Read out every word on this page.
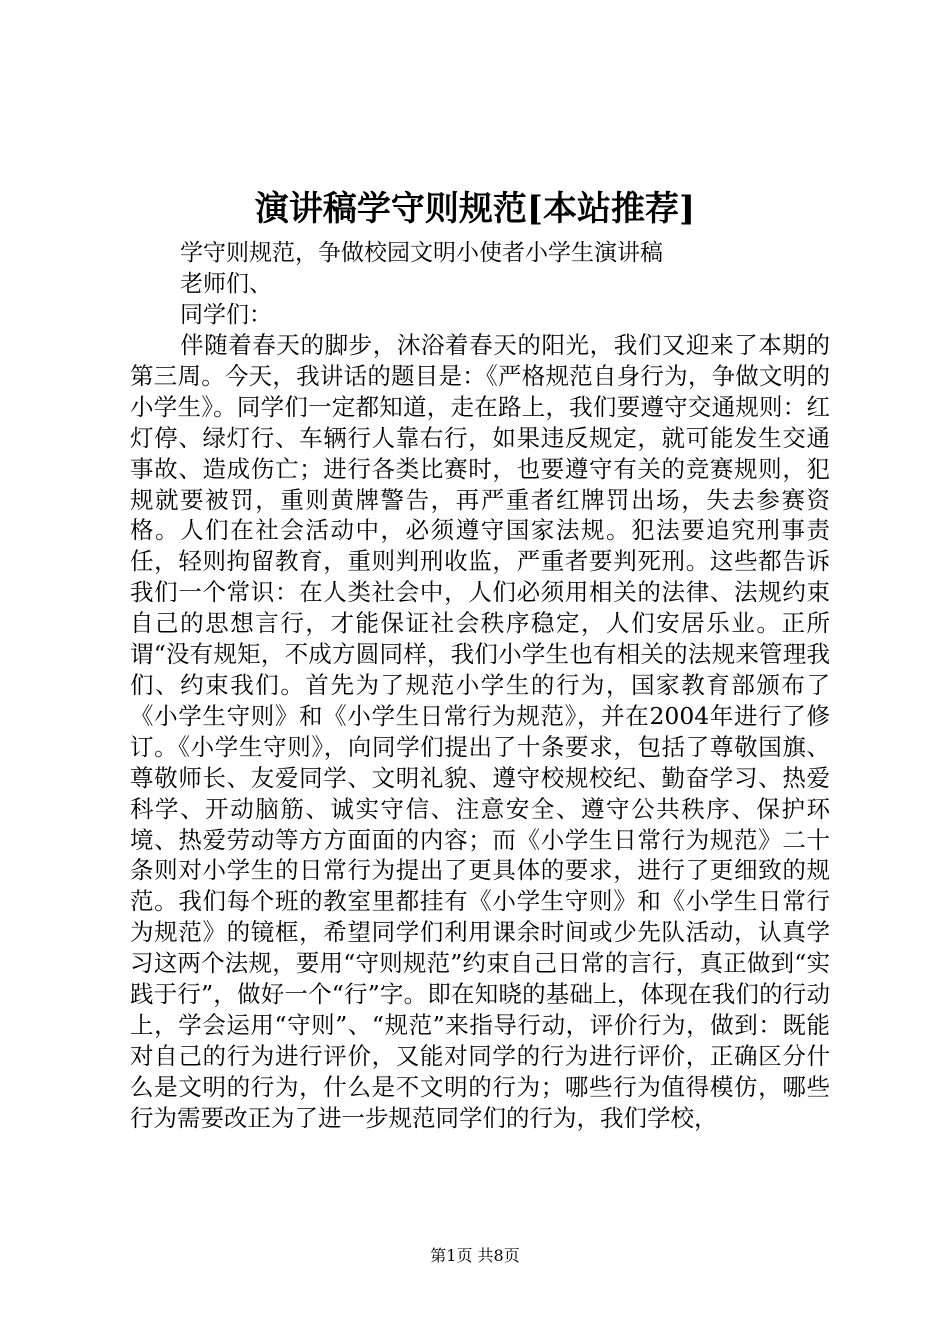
演讲稿学守则规范[本站推荐]
学守则规范，争做校园文明小使者小学生演讲稿
老师们、
同学们：

伴随着春天的脚步，沐浴着春天的阳光，我们又迎来了本期的第三周。今天，我讲话的题目是：《严格规范自身行为，争做文明的小学生》。同学们一定都知道，走在路上，我们要遵守交通规则：红灯停、绿灯行、车辆行人靠右行，如果违反规定，就可能发生交通事故、造成伤亡；进行各类比赛时，也要遵守有关的竞赛规则，犯规就要被罚，重则黄牌警告，再严重者红牌罚出场，失去参赛资格。人们在社会活动中，必须遵守国家法规。犯法要追究刑事责任，轻则拘留教育，重则判刑收监，严重者要判死刑。这些都告诉我们一个常识：在人类社会中，人们必须用相关的法律、法规约束自己的思想言行，才能保证社会秩序稳定，人们安居乐业。正所谓“没有规矩，不成方圆同样，我们小学生也有相关的法规来管理我们、约束我们。首先为了规范小学生的行为，国家教育部颁布了《小学生守则》和《小学生日常行为规范》，并在2004年进行了修订。《小学生守则》，向同学们提出了十条要求，包括了尊敬国旗、尊敬师长、友爱同学、文明礼貌、遵守校规校纪、勤奋学习、热爱科学、开动脑筋、诚实守信、注意安全、遵守公共秩序、保护环境、热爱劳动等方方面面的内容；而《小学生日常行为规范》二十条则对小学生的日常行为提出了更具体的要求，进行了更细致的规范。我们每个班的教室里都挂有《小学生守则》和《小学生日常行为规范》的镜框，希望同学们利用课余时间或少先队活动，认真学习这两个法规，要用“守则规范”约束自己日常的言行，真正做到“实践于行”，做好一个“行”字。即在知晓的基础上，体现在我们的行动上，学会运用“守则”、“规范”来指导行动，评价行为，做到：既能对自己的行为进行评价，又能对同学的行为进行评价，正确区分什么是文明的行为，什么是不文明的行为；哪些行为值得模仿，哪些行为需要改正为了进一步规范同学们的行为，我们学校，

第1页 共8页
